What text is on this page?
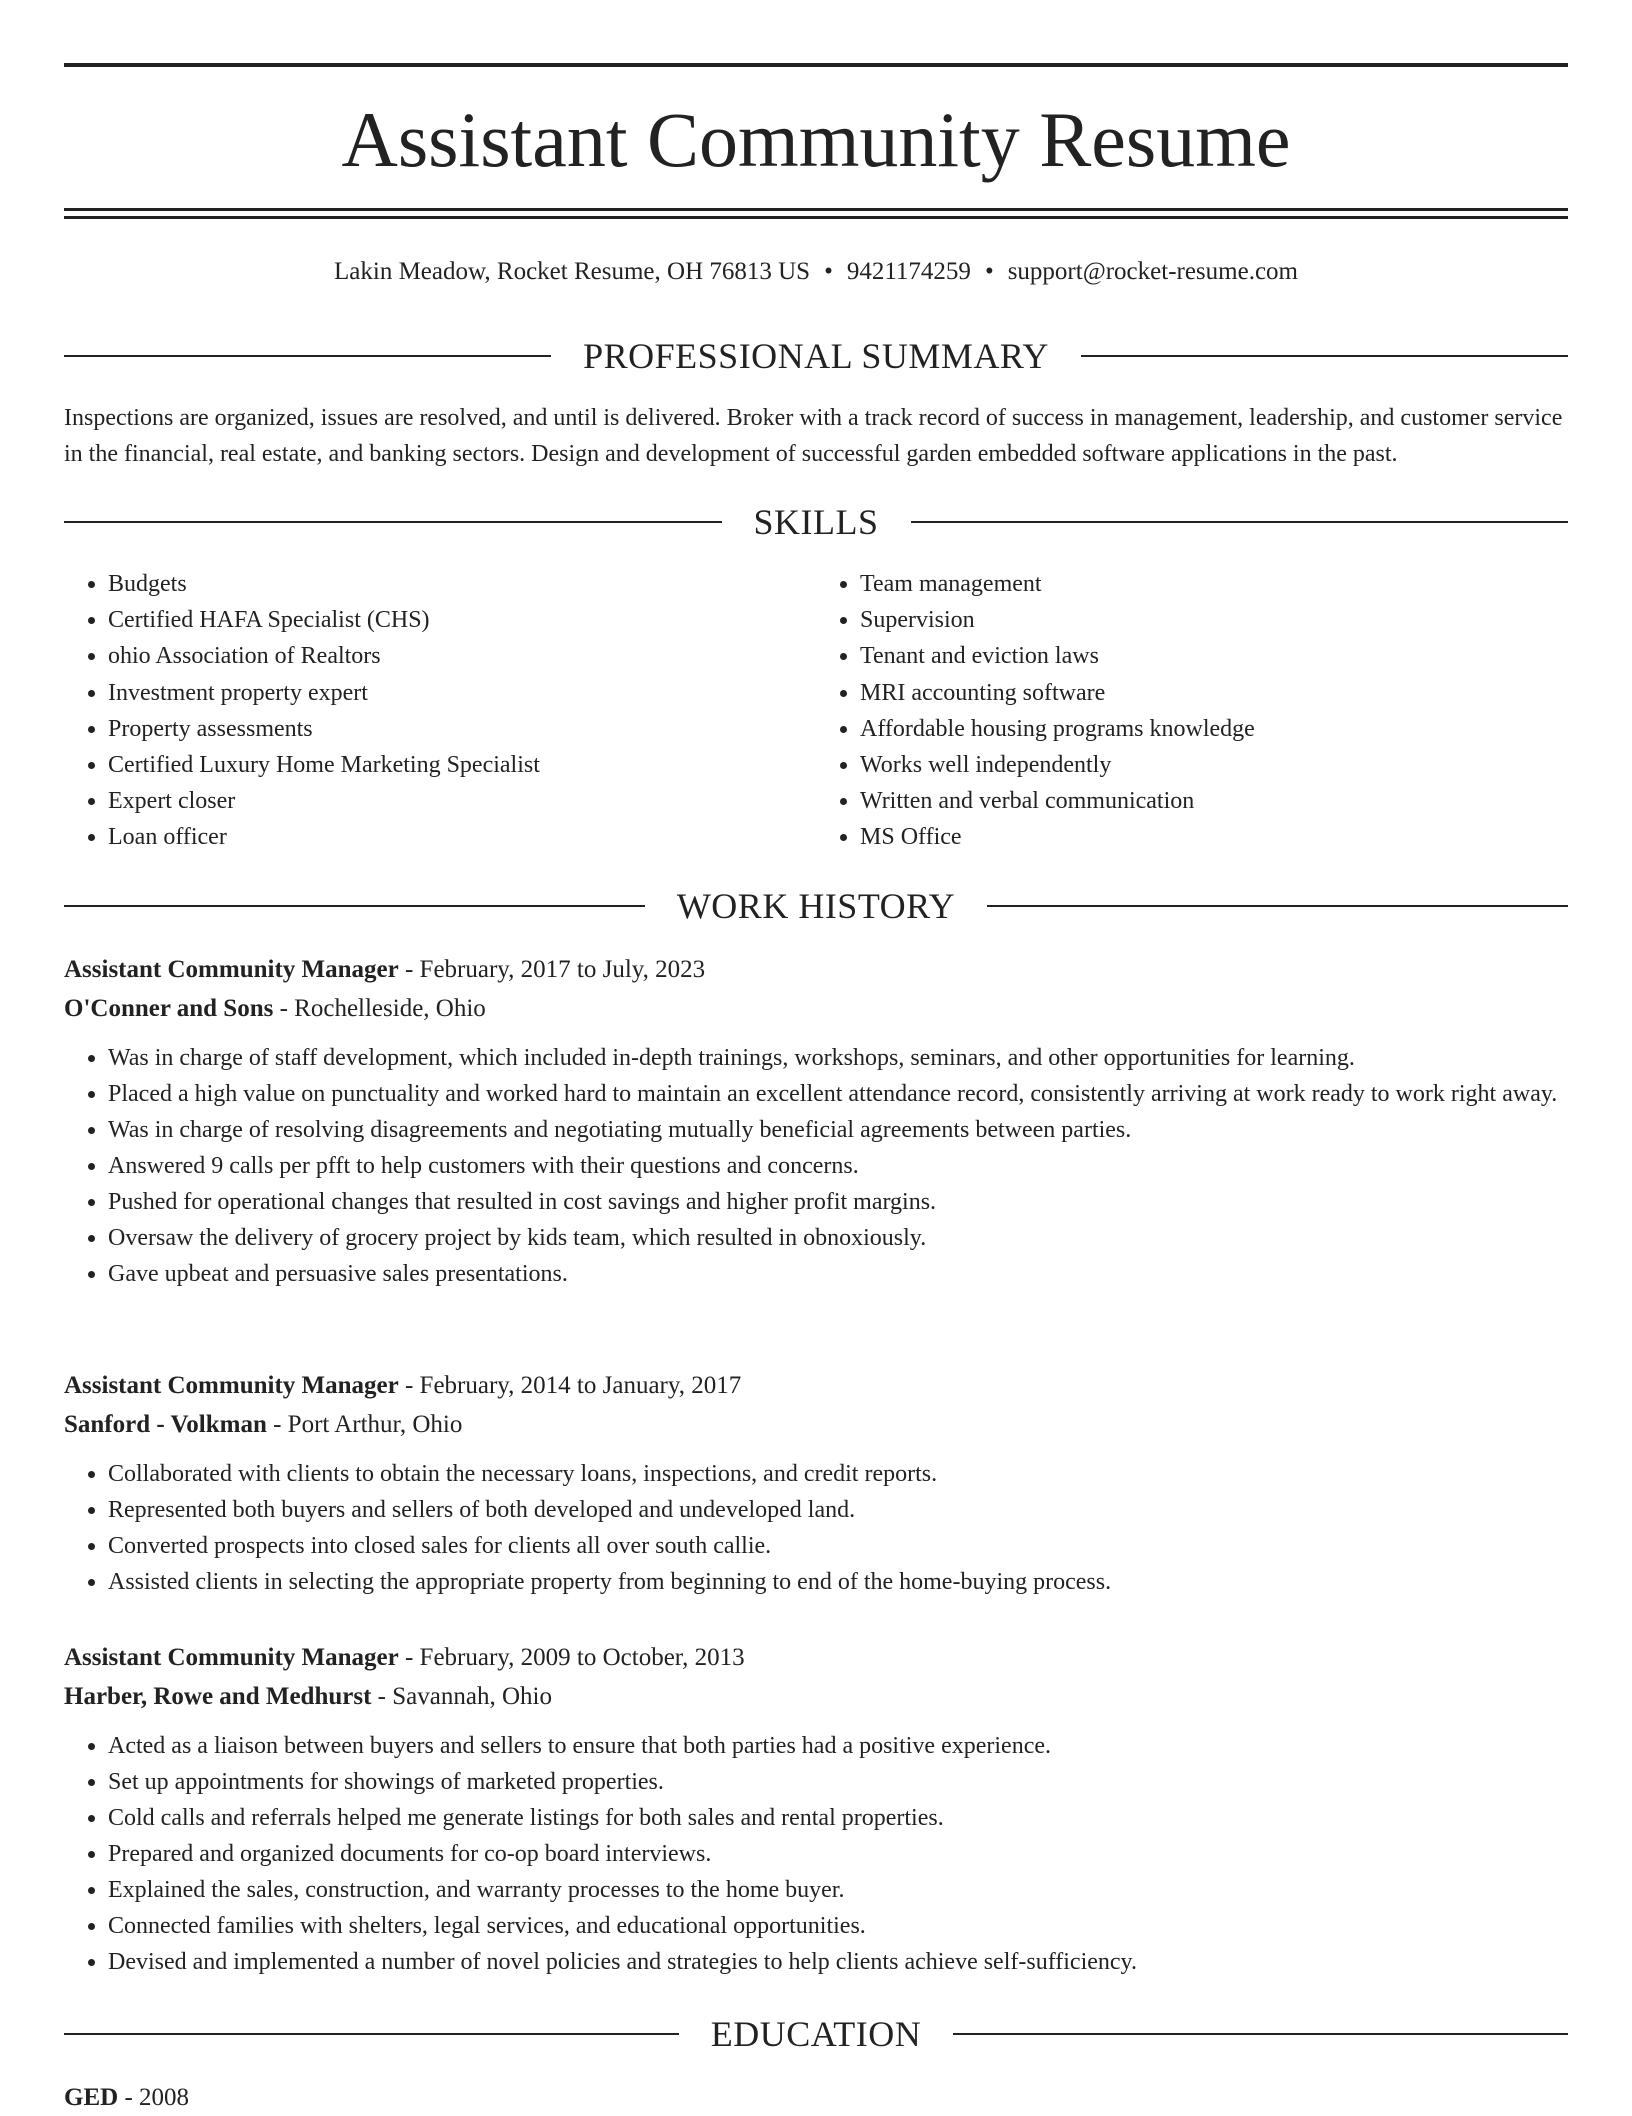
Assistant Community Resume
Lakin Meadow, Rocket Resume, OH 76813 US • 9421174259 • support@rocket-resume.com
PROFESSIONAL SUMMARY
Inspections are organized, issues are resolved, and until is delivered. Broker with a track record of success in management, leadership, and customer service in the financial, real estate, and banking sectors. Design and development of successful garden embedded software applications in the past.
SKILLS
• Budgets
• Certified HAFA Specialist (CHS)
• ohio Association of Realtors
• Investment property expert
• Property assessments
• Certified Luxury Home Marketing Specialist
• Expert closer
• Loan officer
• Team management
• Supervision
• Tenant and eviction laws
• MRI accounting software
• Affordable housing programs knowledge
• Works well independently
• Written and verbal communication
• MS Office
WORK HISTORY
Assistant Community Manager - February, 2017 to July, 2023
O'Conner and Sons - Rochelleside, Ohio
• Was in charge of staff development, which included in-depth trainings, workshops, seminars, and other opportunities for learning.
• Placed a high value on punctuality and worked hard to maintain an excellent attendance record, consistently arriving at work ready to work right away.
• Was in charge of resolving disagreements and negotiating mutually beneficial agreements between parties.
• Answered 9 calls per pfft to help customers with their questions and concerns.
• Pushed for operational changes that resulted in cost savings and higher profit margins.
• Oversaw the delivery of grocery project by kids team, which resulted in obnoxiously.
• Gave upbeat and persuasive sales presentations.
Assistant Community Manager - February, 2014 to January, 2017
Sanford - Volkman - Port Arthur, Ohio
• Collaborated with clients to obtain the necessary loans, inspections, and credit reports.
• Represented both buyers and sellers of both developed and undeveloped land.
• Converted prospects into closed sales for clients all over south callie.
• Assisted clients in selecting the appropriate property from beginning to end of the home-buying process.
Assistant Community Manager - February, 2009 to October, 2013
Harber, Rowe and Medhurst - Savannah, Ohio
• Acted as a liaison between buyers and sellers to ensure that both parties had a positive experience.
• Set up appointments for showings of marketed properties.
• Cold calls and referrals helped me generate listings for both sales and rental properties.
• Prepared and organized documents for co-op board interviews.
• Explained the sales, construction, and warranty processes to the home buyer.
• Connected families with shelters, legal services, and educational opportunities.
• Devised and implemented a number of novel policies and strategies to help clients achieve self-sufficiency.
EDUCATION
GED - 2008
